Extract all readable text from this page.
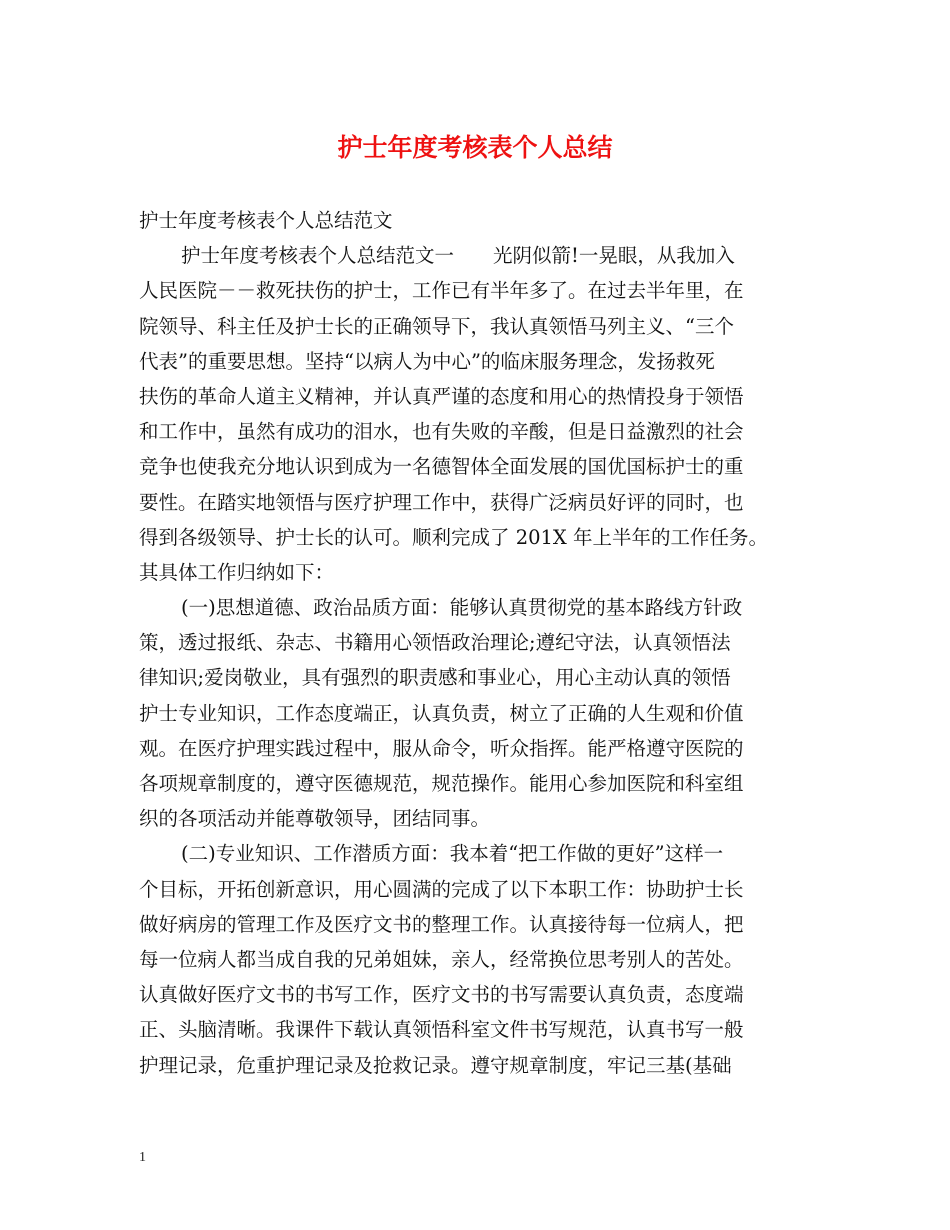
护士年度考核表个人总结
护士年度考核表个人总结范文
护士年度考核表个人总结范文一　　光阴似箭!一晃眼，从我加入
人民医院－－救死扶伤的护士，工作已有半年多了。在过去半年里，在
院领导、科主任及护士长的正确领导下，我认真领悟马列主义、“三个
代表”的重要思想。坚持“以病人为中心”的临床服务理念，发扬救死
扶伤的革命人道主义精神，并认真严谨的态度和用心的热情投身于领悟
和工作中，虽然有成功的泪水，也有失败的辛酸，但是日益激烈的社会
竞争也使我充分地认识到成为一名德智体全面发展的国优国标护士的重
要性。在踏实地领悟与医疗护理工作中，获得广泛病员好评的同时，也
得到各级领导、护士长的认可。顺利完成了 201X 年上半年的工作任务。
其具体工作归纳如下：
(一)思想道德、政治品质方面：能够认真贯彻党的基本路线方针政
策，透过报纸、杂志、书籍用心领悟政治理论;遵纪守法，认真领悟法
律知识;爱岗敬业，具有强烈的职责感和事业心，用心主动认真的领悟
护士专业知识，工作态度端正，认真负责，树立了正确的人生观和价值
观。在医疗护理实践过程中，服从命令，听众指挥。能严格遵守医院的
各项规章制度的，遵守医德规范，规范操作。能用心参加医院和科室组
织的各项活动并能尊敬领导，团结同事。
(二)专业知识、工作潜质方面：我本着“把工作做的更好”这样一
个目标，开拓创新意识，用心圆满的完成了以下本职工作：协助护士长
做好病房的管理工作及医疗文书的整理工作。认真接待每一位病人，把
每一位病人都当成自我的兄弟姐妹，亲人，经常换位思考别人的苦处。
认真做好医疗文书的书写工作，医疗文书的书写需要认真负责，态度端
正、头脑清晰。我课件下载认真领悟科室文件书写规范，认真书写一般
护理记录，危重护理记录及抢救记录。遵守规章制度，牢记三基(基础
1
